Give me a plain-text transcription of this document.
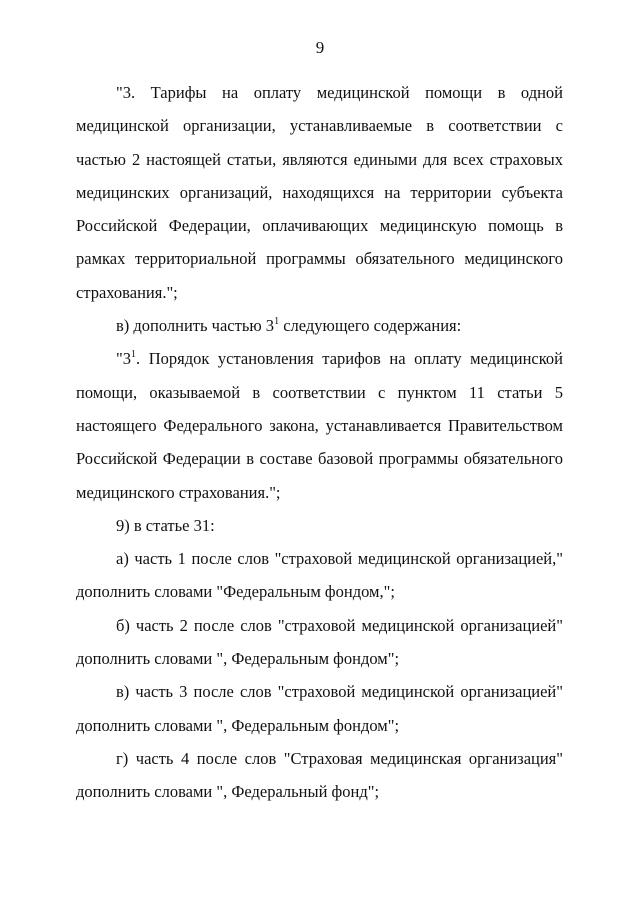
9

"3. Тарифы на оплату медицинской помощи в одной медицинской организации, устанавливаемые в соответствии с частью 2 настоящей статьи, являются едиными для всех страховых медицинских организаций, находящихся на территории субъекта Российской Федерации, оплачивающих медицинскую помощь в рамках территориальной программы обязательного медицинского страхования.";

в) дополнить частью $3^1$ следующего содержания:

"$3^1$. Порядок установления тарифов на оплату медицинской помощи, оказываемой в соответствии с пунктом 11 статьи 5 настоящего Федерального закона, устанавливается Правительством Российской Федерации в составе базовой программы обязательного медицинского страхования.";

9) в статье 31:

а) часть 1 после слов "страховой медицинской организацией," дополнить словами "Федеральным фондом,";

б) часть 2 после слов "страховой медицинской организацией" дополнить словами ", Федеральным фондом";

в) часть 3 после слов "страховой медицинской организацией" дополнить словами ", Федеральным фондом";

г) часть 4 после слов "Страховая медицинская организация" дополнить словами ", Федеральный фонд";
